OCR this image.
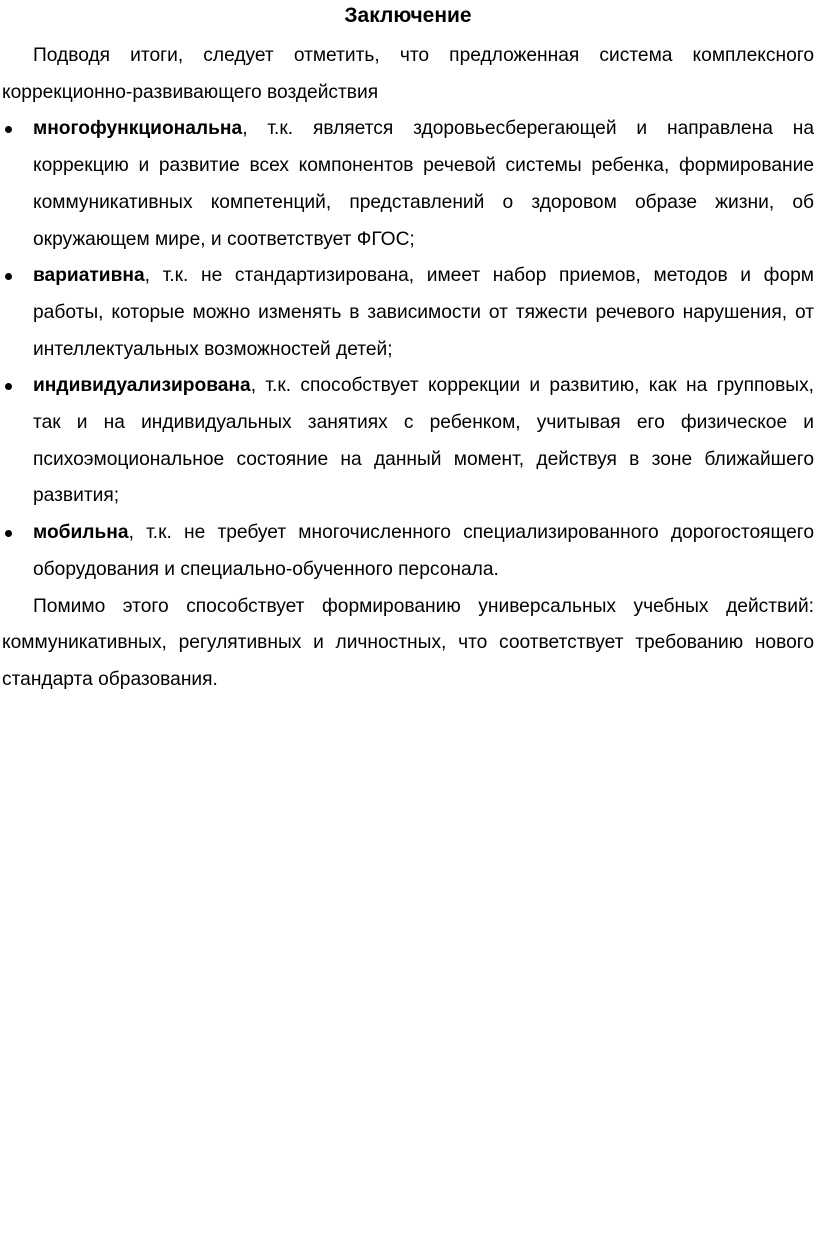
Заключение

Подводя итоги, следует отметить, что предложенная система комплексного коррекционно-развивающего воздействия

многофункциональна, т.к. является здоровьесберегающей и направлена на коррекцию и развитие всех компонентов речевой системы ребенка, формирование коммуникативных компетенций, представлений о здоровом образе жизни, об окружающем мире, и соответствует ФГОС;

вариативна, т.к. не стандартизирована, имеет набор приемов, методов и форм работы, которые можно изменять в зависимости от тяжести речевого нарушения, от интеллектуальных возможностей детей;

индивидуализирована, т.к. способствует коррекции и развитию, как на групповых, так и на индивидуальных занятиях с ребенком, учитывая его физическое и психоэмоциональное состояние на данный момент, действуя в зоне ближайшего развития;

мобильна, т.к. не требует многочисленного специализированного дорогостоящего оборудования и специально-обученного персонала.

Помимо этого способствует формированию универсальных учебных действий: коммуникативных, регулятивных и личностных, что соответствует требованию нового стандарта образования.
